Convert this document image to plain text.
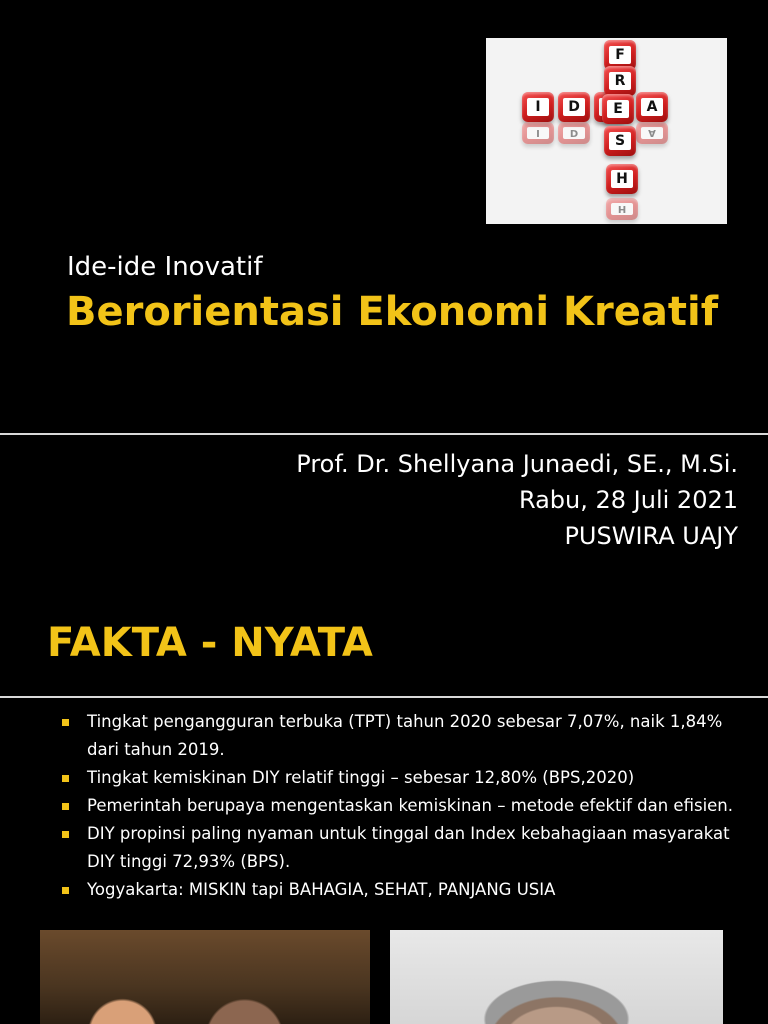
I	D	A
I	D	A
F
R
E
S
H
H
Ide-ide Inovatif
Berorientasi Ekonomi Kreatif
Prof. Dr. Shellyana Junaedi, SE., M.Si.
Rabu, 28 Juli 2021
PUSWIRA UAJY
FAKTA - NYATA
Tingkat pengangguran terbuka (TPT) tahun 2020 sebesar 7,07%, naik 1,84% dari tahun 2019.
Tingkat kemiskinan DIY relatif tinggi – sebesar 12,80% (BPS,2020)
Pemerintah berupaya mengentaskan kemiskinan – metode efektif dan efisien.
DIY propinsi paling nyaman untuk tinggal dan Index kebahagiaan masyarakat DIY tinggi 72,93% (BPS).
Yogyakarta: MISKIN tapi BAHAGIA, SEHAT, PANJANG USIA
